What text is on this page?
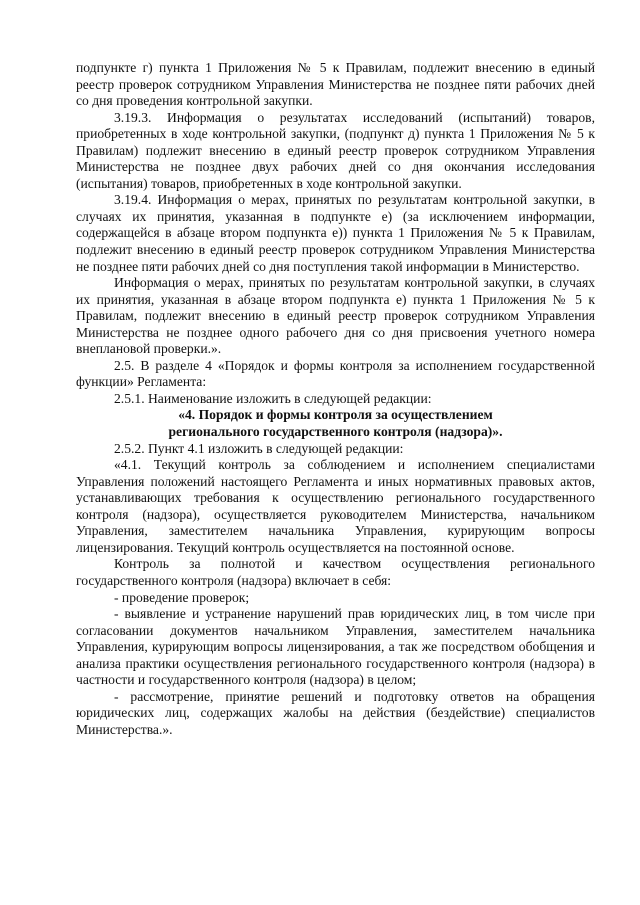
подпункте г) пункта 1 Приложения № 5 к Правилам, подлежит внесению в единый реестр проверок сотрудником Управления Министерства не позднее пяти рабочих дней со дня проведения контрольной закупки.

3.19.3. Информация о результатах исследований (испытаний) товаров, приобретенных в ходе контрольной закупки, (подпункт д) пункта 1 Приложения № 5 к Правилам) подлежит внесению в единый реестр проверок сотрудником Управления Министерства не позднее двух рабочих дней со дня окончания исследования (испытания) товаров, приобретенных в ходе контрольной закупки.

3.19.4. Информация о мерах, принятых по результатам контрольной закупки, в случаях их принятия, указанная в подпункте е) (за исключением информации, содержащейся в абзаце втором подпункта е)) пункта 1 Приложения № 5 к Правилам, подлежит внесению в единый реестр проверок сотрудником Управления Министерства не позднее пяти рабочих дней со дня поступления такой информации в Министерство.

Информация о мерах, принятых по результатам контрольной закупки, в случаях их принятия, указанная в абзаце втором подпункта е) пункта 1 Приложения № 5 к Правилам, подлежит внесению в единый реестр проверок сотрудником Управления Министерства не позднее одного рабочего дня со дня присвоения учетного номера внеплановой проверки.».

2.5. В разделе 4 «Порядок и формы контроля за исполнением государственной функции» Регламента:

2.5.1. Наименование изложить в следующей редакции:

«4. Порядок и формы контроля за осуществлением
регионального государственного контроля (надзора)».

2.5.2. Пункт 4.1 изложить в следующей редакции:

«4.1. Текущий контроль за соблюдением и исполнением специалистами Управления положений настоящего Регламента и иных нормативных правовых актов, устанавливающих требования к осуществлению регионального государственного контроля (надзора), осуществляется руководителем Министерства, начальником Управления, заместителем начальника Управления, курирующим вопросы лицензирования. Текущий контроль осуществляется на постоянной основе.

Контроль за полнотой и качеством осуществления регионального государственного контроля (надзора) включает в себя:

- проведение проверок;

- выявление и устранение нарушений прав юридических лиц, в том числе при согласовании документов начальником Управления, заместителем начальника Управления, курирующим вопросы лицензирования, а так же посредством обобщения и анализа практики осуществления регионального государственного контроля (надзора) в частности и государственного контроля (надзора) в целом;

- рассмотрение, принятие решений и подготовку ответов на обращения юридических лиц, содержащих жалобы на действия (бездействие) специалистов Министерства.».
